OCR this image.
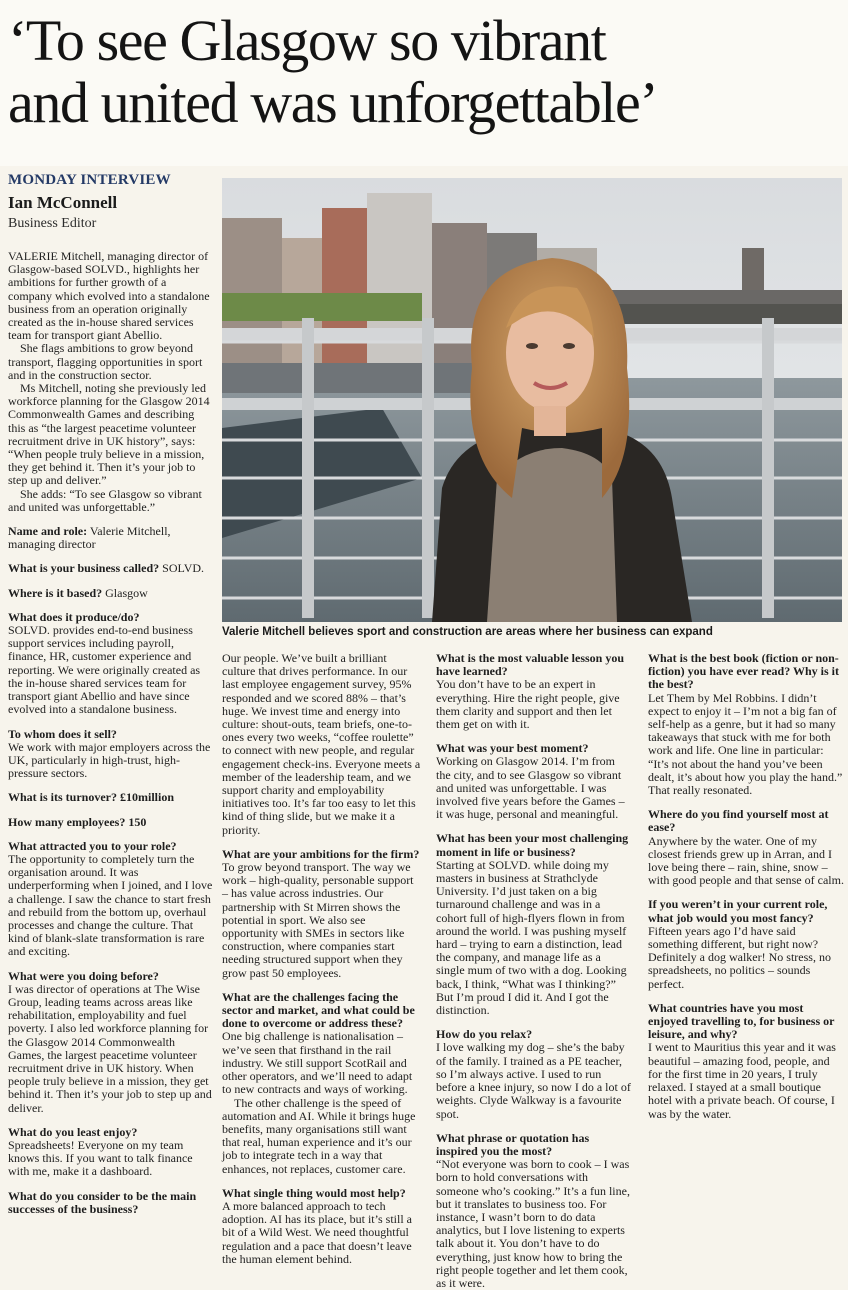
‘To see Glasgow so vibrant
and united was unforgettable’
MONDAY INTERVIEW
Ian McConnell
Business Editor

VALERIE Mitchell, managing director of Glasgow-based SOLVD., highlights her ambitions for further growth of a company which evolved into a standalone business from an operation originally created as the in-house shared services team for transport giant Abellio.

She flags ambitions to grow beyond transport, flagging opportunities in sport and in the construction sector.

Ms Mitchell, noting she previously led workforce planning for the Glasgow 2014 Commonwealth Games and describing this as “the largest peacetime volunteer recruitment drive in UK history”, says: “When people truly believe in a mission, they get behind it. Then it’s your job to step up and deliver.”

She adds: “To see Glasgow so vibrant and united was unforgettable.”

Name and role: Valerie Mitchell, managing director

What is your business called? SOLVD.

Where is it based? Glasgow

What does it produce/do?

SOLVD. provides end-to-end business support services including payroll, finance, HR, customer experience and reporting. We were originally created as the in-house shared services team for transport giant Abellio and have since evolved into a standalone business.

To whom does it sell?

We work with major employers across the UK, particularly in high-trust, high-pressure sectors.

What is its turnover? £10million

How many employees? 150

What attracted you to your role?

The opportunity to completely turn the organisation around. It was underperforming when I joined, and I love a challenge. I saw the chance to start fresh and rebuild from the bottom up, overhaul processes and change the culture. That kind of blank-slate transformation is rare and exciting.

What were you doing before?

I was director of operations at The Wise Group, leading teams across areas like rehabilitation, employability and fuel poverty. I also led workforce planning for the Glasgow 2014 Commonwealth Games, the largest peacetime volunteer recruitment drive in UK history. When people truly believe in a mission, they get behind it. Then it’s your job to step up and deliver.

What do you least enjoy?

Spreadsheets! Everyone on my team knows this. If you want to talk finance with me, make it a dashboard.

What do you consider to be the main successes of the business?

Valerie Mitchell believes sport and construction are areas where her business can expand

Our people. We’ve built a brilliant culture that drives performance. In our last employee engagement survey, 95% responded and we scored 88% – that’s huge. We invest time and energy into culture: shout-outs, team briefs, one-to-ones every two weeks, “coffee roulette” to connect with new people, and regular engagement check-ins. Everyone meets a member of the leadership team, and we support charity and employability initiatives too. It’s far too easy to let this kind of thing slide, but we make it a priority.

What are your ambitions for the firm?

To grow beyond transport. The way we work – high-quality, personable support – has value across industries. Our partnership with St Mirren shows the potential in sport. We also see opportunity with SMEs in sectors like construction, where companies start needing structured support when they grow past 50 employees.

What are the challenges facing the sector and market, and what could be done to overcome or address these?

One big challenge is nationalisation – we’ve seen that firsthand in the rail industry. We still support ScotRail and other operators, and we’ll need to adapt to new contracts and ways of working.

The other challenge is the speed of automation and AI. While it brings huge benefits, many organisations still want that real, human experience and it’s our job to integrate tech in a way that enhances, not replaces, customer care.

What single thing would most help?

A more balanced approach to tech adoption. AI has its place, but it’s still a bit of a Wild West. We need thoughtful regulation and a pace that doesn’t leave the human element behind.

What is the most valuable lesson you have learned?

You don’t have to be an expert in everything. Hire the right people, give them clarity and support and then let them get on with it.

What was your best moment?

Working on Glasgow 2014. I’m from the city, and to see Glasgow so vibrant and united was unforgettable. I was involved five years before the Games – it was huge, personal and meaningful.

What has been your most challenging moment in life or business?

Starting at SOLVD. while doing my masters in business at Strathclyde University. I’d just taken on a big turnaround challenge and was in a cohort full of high-flyers flown in from around the world. I was pushing myself hard – trying to earn a distinction, lead the company, and manage life as a single mum of two with a dog. Looking back, I think, “What was I thinking?” But I’m proud I did it. And I got the distinction.

How do you relax?

I love walking my dog – she’s the baby of the family. I trained as a PE teacher, so I’m always active. I used to run before a knee injury, so now I do a lot of weights. Clyde Walkway is a favourite spot.

What phrase or quotation has inspired you the most?

“Not everyone was born to cook – I was born to hold conversations with someone who’s cooking.” It’s a fun line, but it translates to business too. For instance, I wasn’t born to do data analytics, but I love listening to experts talk about it. You don’t have to do everything, just know how to bring the right people together and let them cook, as it were.

What is the best book (fiction or non-fiction) you have ever read? Why is it the best?

Let Them by Mel Robbins. I didn’t expect to enjoy it – I’m not a big fan of self-help as a genre, but it had so many takeaways that stuck with me for both work and life. One line in particular: “It’s not about the hand you’ve been dealt, it’s about how you play the hand.” That really resonated.

Where do you find yourself most at ease?

Anywhere by the water. One of my closest friends grew up in Arran, and I love being there – rain, shine, snow – with good people and that sense of calm.

If you weren’t in your current role, what job would you most fancy?

Fifteen years ago I’d have said something different, but right now? Definitely a dog walker! No stress, no spreadsheets, no politics – sounds perfect.

What countries have you most enjoyed travelling to, for business or leisure, and why?

I went to Mauritius this year and it was beautiful – amazing food, people, and for the first time in 20 years, I truly relaxed. I stayed at a small boutique hotel with a private beach. Of course, I was by the water.
